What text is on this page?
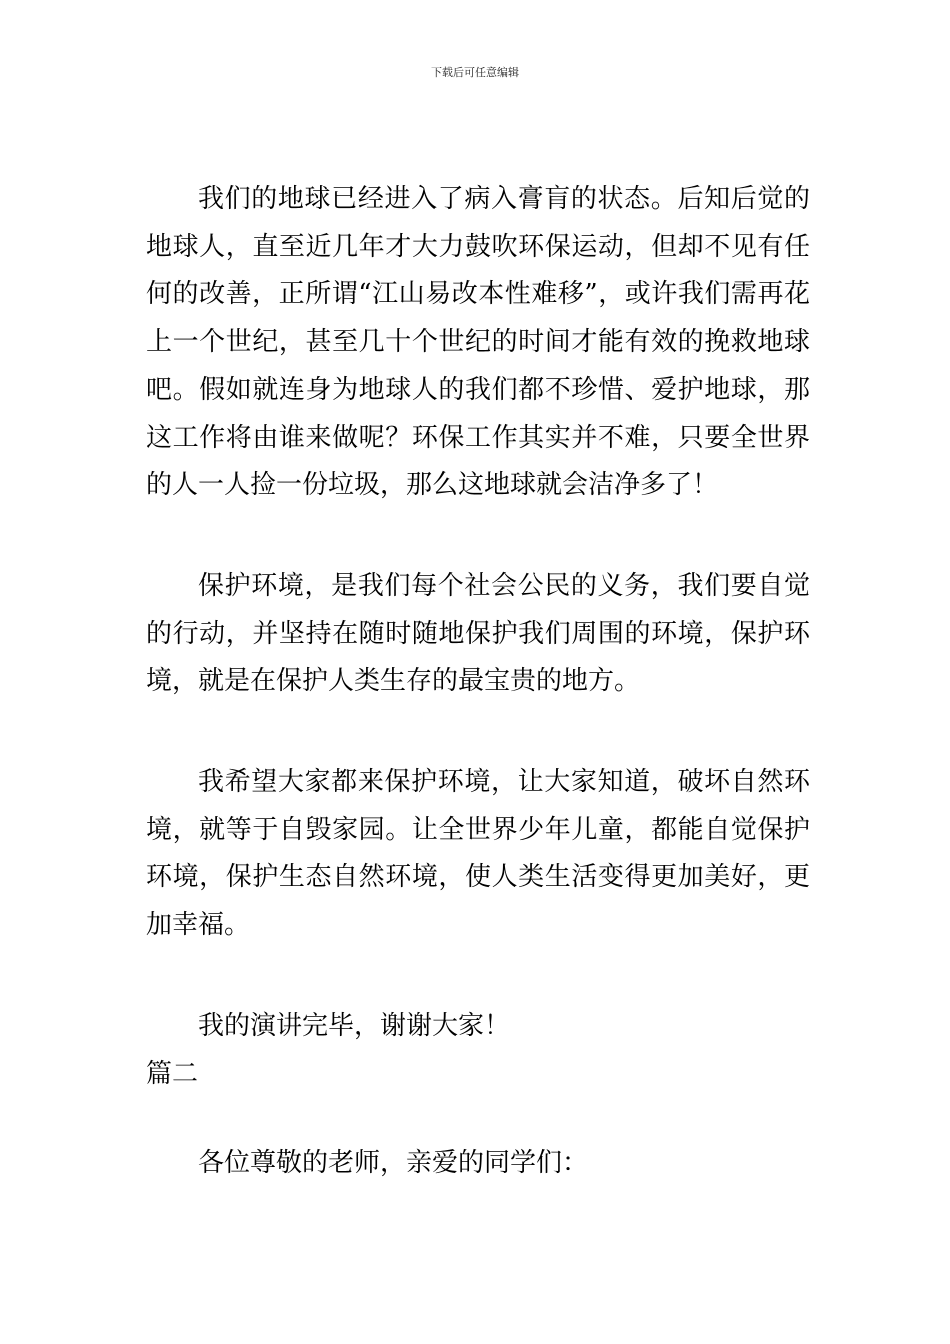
下载后可任意编辑

我们的地球已经进入了病入膏肓的状态。后知后觉的地球人，直至近几年才大力鼓吹环保运动，但却不见有任何的改善，正所谓“江山易改本性难移”，或许我们需再花上一个世纪，甚至几十个世纪的时间才能有效的挽救地球吧。假如就连身为地球人的我们都不珍惜、爱护地球，那这工作将由谁来做呢？环保工作其实并不难，只要全世界的人一人捡一份垃圾，那么这地球就会洁净多了！

保护环境，是我们每个社会公民的义务，我们要自觉的行动，并坚持在随时随地保护我们周围的环境，保护环境，就是在保护人类生存的最宝贵的地方。

我希望大家都来保护环境，让大家知道，破坏自然环境，就等于自毁家园。让全世界少年儿童，都能自觉保护环境，保护生态自然环境，使人类生活变得更加美好，更加幸福。

我的演讲完毕，谢谢大家！

篇二

各位尊敬的老师，亲爱的同学们：
